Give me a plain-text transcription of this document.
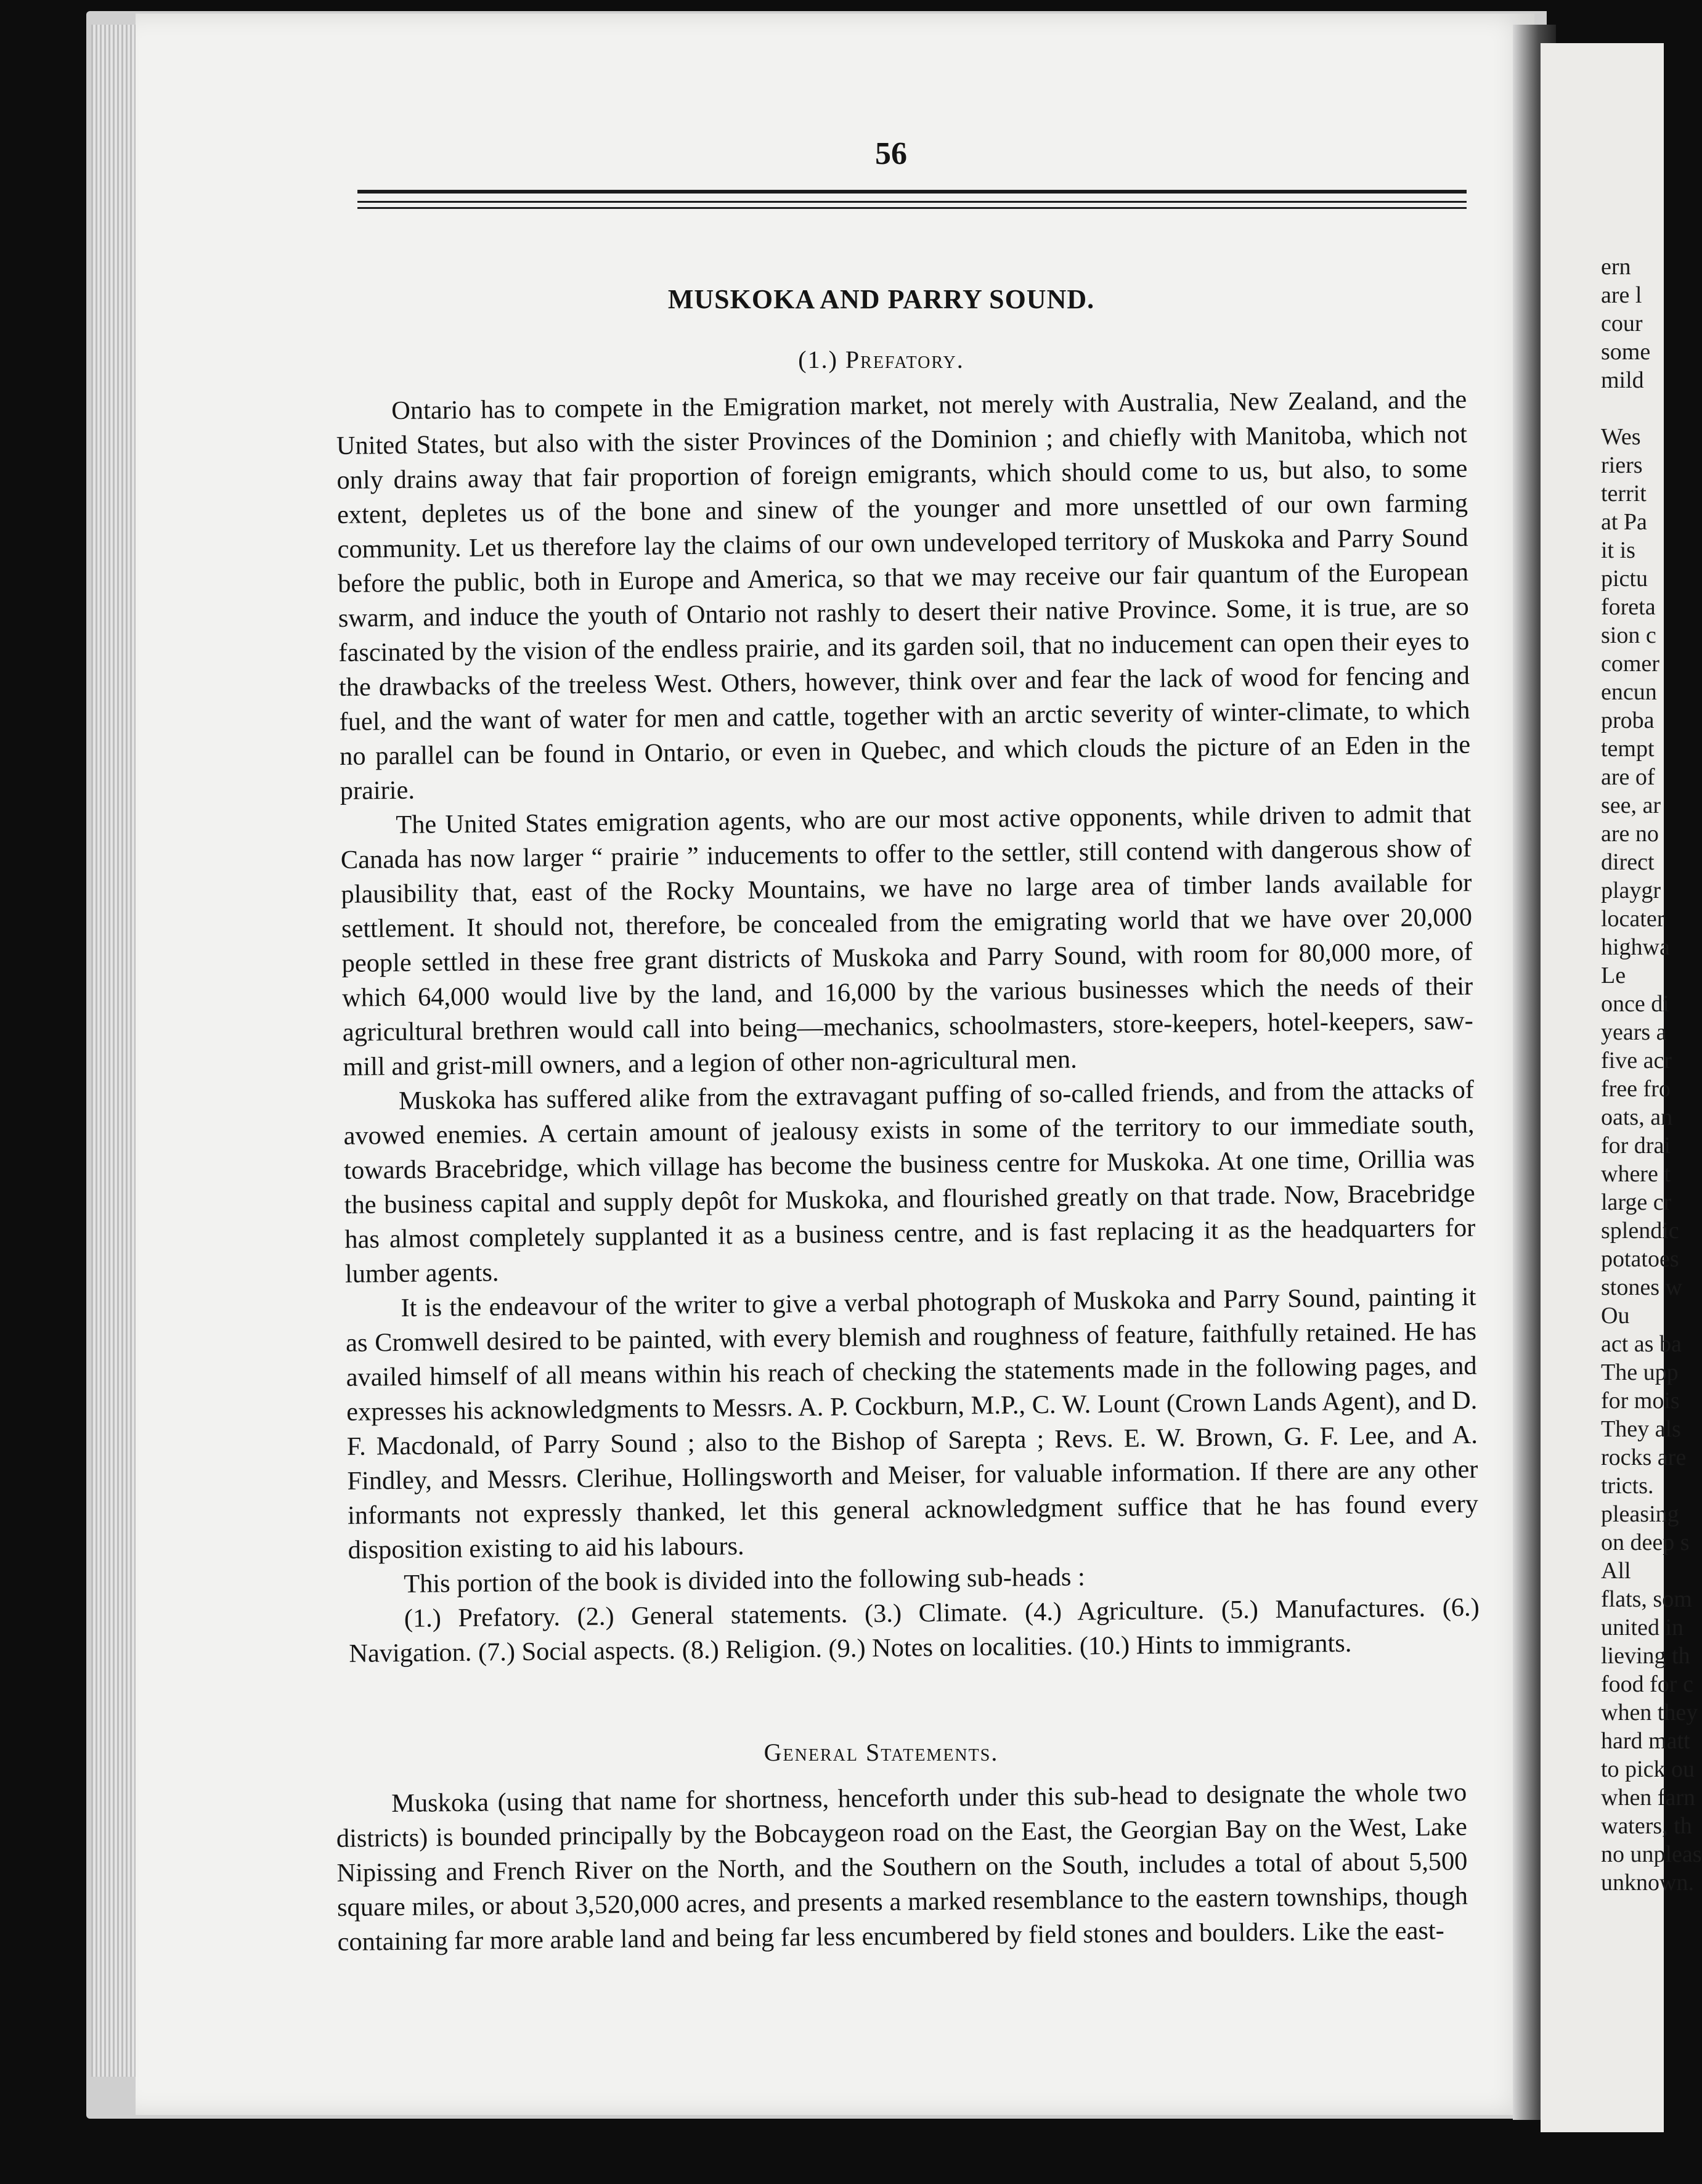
56
MUSKOKA AND PARRY SOUND.
(1.) Prefatory.

Ontario has to compete in the Emigration market, not merely with Australia, New Zealand, and the United States, but also with the sister Provinces of the Dominion ; and chiefly with Manitoba, which not only drains away that fair proportion of foreign emigrants, which should come to us, but also, to some extent, depletes us of the bone and sinew of the younger and more unsettled of our own farming community. Let us therefore lay the claims of our own undeveloped territory of Muskoka and Parry Sound before the public, both in Europe and America, so that we may receive our fair quantum of the European swarm, and induce the youth of Ontario not rashly to desert their native Province. Some, it is true, are so fascinated by the vision of the endless prairie, and its garden soil, that no inducement can open their eyes to the drawbacks of the treeless West. Others, however, think over and fear the lack of wood for fencing and fuel, and the want of water for men and cattle, together with an arctic severity of winter-climate, to which no parallel can be found in Ontario, or even in Quebec, and which clouds the picture of an Eden in the prairie.

The United States emigration agents, who are our most active opponents, while driven to admit that Canada has now larger “ prairie ” inducements to offer to the settler, still contend with dangerous show of plausibility that, east of the Rocky Mountains, we have no large area of timber lands available for settlement. It should not, therefore, be concealed from the emigrating world that we have over 20,000 people settled in these free grant districts of Muskoka and Parry Sound, with room for 80,000 more, of which 64,000 would live by the land, and 16,000 by the various businesses which the needs of their agricultural brethren would call into being—mechanics, schoolmasters, store-keepers, hotel-keepers, saw-mill and grist-mill owners, and a legion of other non-agricultural men.

Muskoka has suffered alike from the extravagant puffing of so-called friends, and from the attacks of avowed enemies. A certain amount of jealousy exists in some of the territory to our immediate south, towards Bracebridge, which village has become the business centre for Muskoka. At one time, Orillia was the business capital and supply depôt for Muskoka, and flourished greatly on that trade. Now, Bracebridge has almost completely supplanted it as a business centre, and is fast replacing it as the headquarters for lumber agents.

It is the endeavour of the writer to give a verbal photograph of Muskoka and Parry Sound, painting it as Cromwell desired to be painted, with every blemish and roughness of feature, faithfully retained. He has availed himself of all means within his reach of checking the statements made in the following pages, and expresses his acknowledgments to Messrs. A. P. Cockburn, M.P., C. W. Lount (Crown Lands Agent), and D. F. Macdonald, of Parry Sound ; also to the Bishop of Sarepta ; Revs. E. W. Brown, G. F. Lee, and A. Findley, and Messrs. Clerihue, Hollingsworth and Meiser, for valuable information. If there are any other informants not expressly thanked, let this general acknowledgment suffice that he has found every disposition existing to aid his labours.

This portion of the book is divided into the following sub-heads :

(1.) Prefatory. (2.) General statements. (3.) Climate. (4.) Agriculture. (5.) Manufactures. (6.) Navigation. (7.) Social aspects. (8.) Religion. (9.) Notes on localities. (10.) Hints to immigrants.

General Statements.

Muskoka (using that name for shortness, henceforth under this sub-head to designate the whole two districts) is bounded principally by the Bobcaygeon road on the East, the Georgian Bay on the West, Lake Nipissing and French River on the North, and the Southern on the South, includes a total of about 5,500 square miles, or about 3,520,000 acres, and presents a marked resemblance to the eastern townships, though containing far more arable land and being far less encumbered by field stones and boulders. Like the east-

ern
are l
cour
some
mild
Wes
riers
territ
at Pa
it is
pictu
foreta
sion c
comer
encun
proba
tempt
are of
see, ar
are no
direct
playgr
locater
highwa
Le
once di
years a
five acr
free fro
oats, an
for drai
where t
large cr
splendic
potatoes
stones w
Ou
act as ba
The upp
for mois
They als
rocks are
tricts.
pleasing
on deep s
All
flats, som
united in
lieving th
food for c
when they
hard matt
to pick ou
when farn
waters, th
no unpleas
unknown.
